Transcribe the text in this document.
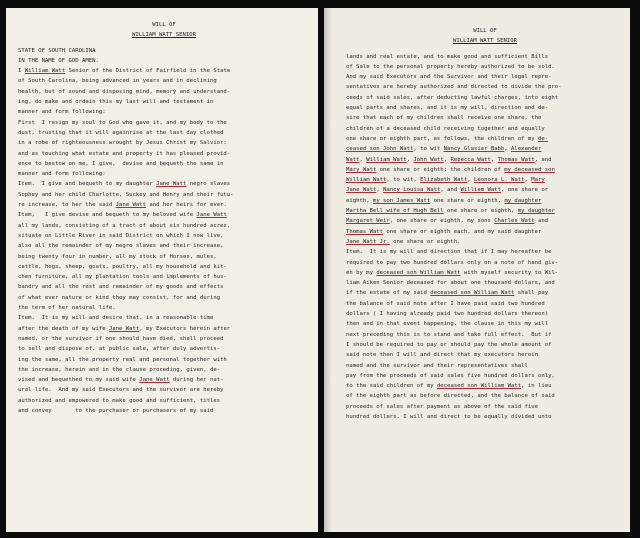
WILL OF
WILLIAM WATT SENIOR
STATE OF SOUTH CAROLINA
IN THE NAME OF GOD AMEN.
I William Watt Senior of the District of Fairfield in the State
of South Carolina, being advanced in years and in declining
health, but of sound and disposing mind, memory and understand-
ing, do make and ordain this my last will and testament in
manner and form following:
First  I resign my soul to God who gave it, and my body to the
dust, trusting that it will againrise at the last day clothed
in a robe of righteousness wrought by Jesus Christ my Salvior:
and as touching what estate and property it has pleased provid-
ence to bestow on me, I give,  devise and bequeth the same in
manner and form following:
Item.  I give and bequeth to my daughter Jane Watt negro slaves
Sophey and her child Charlotte, Suckey and Henry and their futu-
re increase, to her the said Jane Watt and her heirs for ever.
Item,   I give devise and bequeth to my beloved wife Jane Watt
all my lands, consisting of a tract of about six hundred acres,
situate on Little River in said District on which I now live,
also all the remainder of my negro slaves and their increase,
being twenty four in number, all my stock of Horses, mules,
cattle, hogs, sheep, goats, poultry, all my household and kit-
chen furniture, all my plantation tools and implements of hus-
bandry and all the rest and remainder of my goods and effects
of what ever nature or kind they may consist, for and during
the term of her natural life.
Item.  It is my will and desire that, in a reasonable time
after the death of my wife Jane Watt, my Executors herein after
named, or the survivor if one should have died, shall proceed
to sell and dispose of, at public sale, after duly advertis-
ing the same, all the property real and personal together with
the increase, herein and in the clause proceding, given, de-
vised and bequethed to my said wife Jane Watt during her nat-
ural life.  And my said Executors and the survivor are hereby
authorized and empowered to make good and sufficient, titles
and convey       to the purchaser or purchasers of my said
WILL OF
WILLIAM WATT SENIOR
lands and real estate, and to make good and sufficient Bills
of Sale to the personal property hereby authorized to be sold.
And my said Executors and the Survivor and their legal repre-
sentatives are hereby authorized and directed to divide the pro-
ceeds of said sales, after deducting lawful charges, into eight
equal parts and shares, and it is my will, direction and de-
sire that each of my children shall receive one share, the
children of a deceased child receiving together and equally
one share or eighth part, as follows, the children of my de-
ceased son John Watt, to wit Nancy Glasier Babb, Alexander
Watt, William Watt, John Watt, Rebecca Watt, Thomas Watt, and
Mary Watt one share or eighth; the children of my deceased son
William Watt, to wit, Elizabeth Watt, Leonora L. Watt, Mary
Jane Watt, Nancy Louisa Watt, and William Watt, one share or
eighth, my son James Watt one share or eighth, my daughter
Martha Bell wife of Hugh Bell one share or eighth, my daughter
Margaret Weir, one share or eighth, my sons Charles Watt and
Thomas Watt one share or eighth each, and my said daughter
Jane Watt Jr. one share or eighth.
Item.  It is my will and direction that if I may hereafter be
required to pay two hundred dollars only on a note of hand giv-
en by my deceased son William Watt with myself security to Wil-
liam Aiken Senior deceased for about one thousand dollars, and
if the estate of my said deceased son William Watt shall pay
the balance of said note after I have paid said two hundred
dollars ( I having already paid two hundred dollars thereon)
then and in that event happening, the clause in this my will
next preceding this is to stand and take full effect.  But if
I should be required to pay or should pay the whole amount of
said note then I will and direct that my executors herein
named and the survivor and their representatives shall
pay from the proceeds of said sales five hundred dollars only,
to the said children of my deceased son William Watt, in lieu
of the eighth part as before directed, and the balance of said
proceeds of sales after payment as above of the said five
hundred dollars, I will and direct to be equally divided unto
